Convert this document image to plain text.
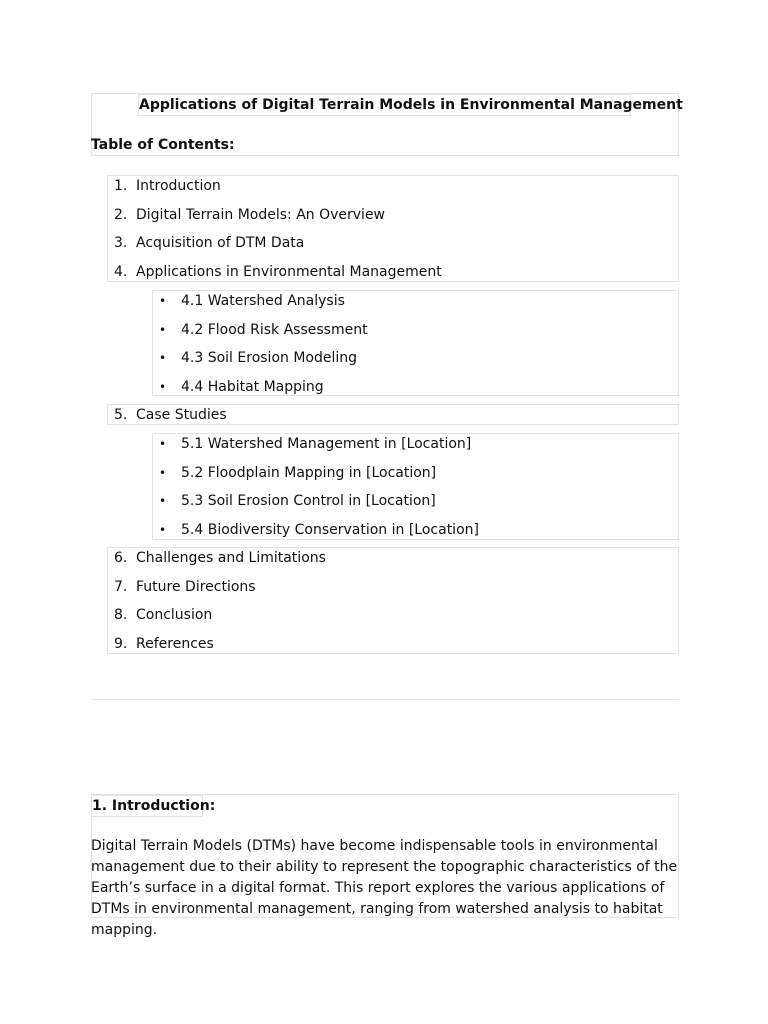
Applications of Digital Terrain Models in Environmental Management
Table of Contents:
1. Introduction
2. Digital Terrain Models: An Overview
3. Acquisition of DTM Data
4. Applications in Environmental Management
• 4.1 Watershed Analysis
• 4.2 Flood Risk Assessment
• 4.3 Soil Erosion Modeling
• 4.4 Habitat Mapping
5. Case Studies
• 5.1 Watershed Management in [Location]
• 5.2 Floodplain Mapping in [Location]
• 5.3 Soil Erosion Control in [Location]
• 5.4 Biodiversity Conservation in [Location]
6. Challenges and Limitations
7. Future Directions
8. Conclusion
9. References
1. Introduction:

Digital Terrain Models (DTMs) have become indispensable tools in environmental management due to their ability to represent the topographic characteristics of the Earth’s surface in a digital format. This report explores the various applications of DTMs in environmental management, ranging from watershed analysis to habitat mapping.
